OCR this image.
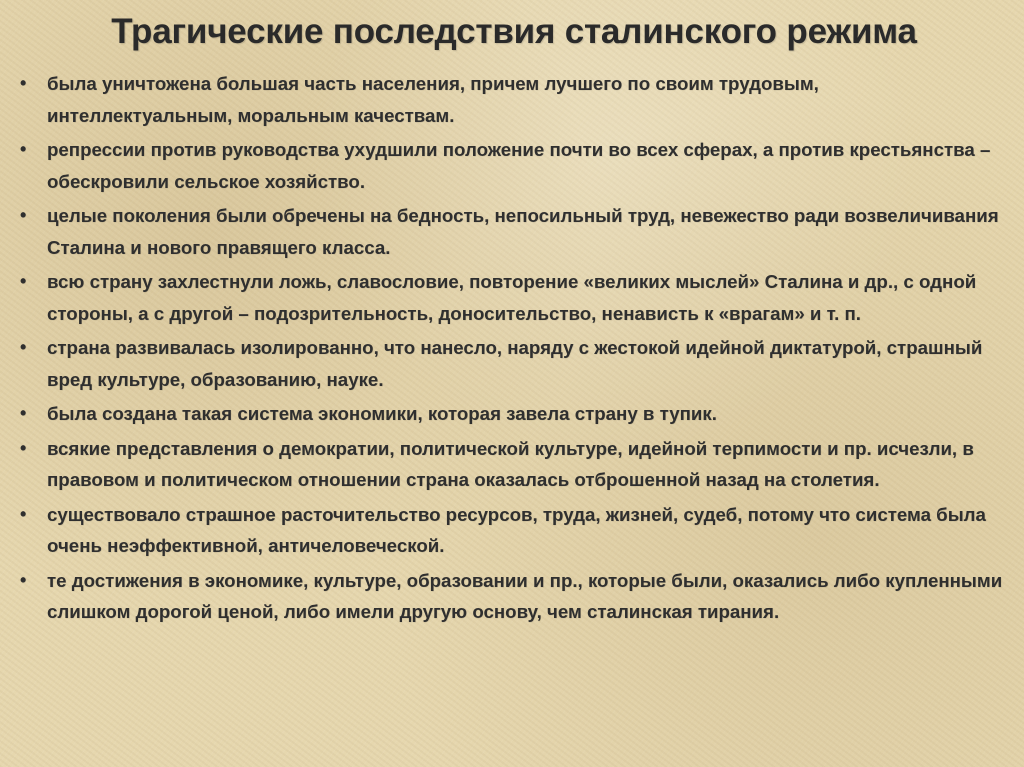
Трагические последствия сталинского режима
• была уничтожена большая часть населения, причем лучшего по своим трудовым, интеллектуальным, моральным качествам.
• репрессии против руководства ухудшили положение почти во всех сферах, а против крестьянства – обескровили сельское хозяйство.
• целые поколения были обречены на бедность, непосильный труд, невежество ради возвеличивания Сталина и нового правящего класса.
• всю страну захлестнули ложь, славословие, повторение «великих мыслей» Сталина и др., с одной стороны, а с другой – подозрительность, доносительство, ненависть к «врагам» и т. п.
• страна развивалась изолированно, что нанесло, наряду с жестокой идейной диктатурой, страшный вред культуре, образованию, науке.
• была создана такая система экономики, которая завела страну в тупик.
• всякие представления о демократии, политической культуре, идейной терпимости и пр. исчезли, в правовом и политическом отношении страна оказалась отброшенной назад на столетия.
• существовало страшное расточительство ресурсов, труда, жизней, судеб, потому что система была очень неэффективной, античеловеческой.
• те достижения в экономике, культуре, образовании и пр., которые были, оказались либо купленными слишком дорогой ценой, либо имели другую основу, чем сталинская тирания.
